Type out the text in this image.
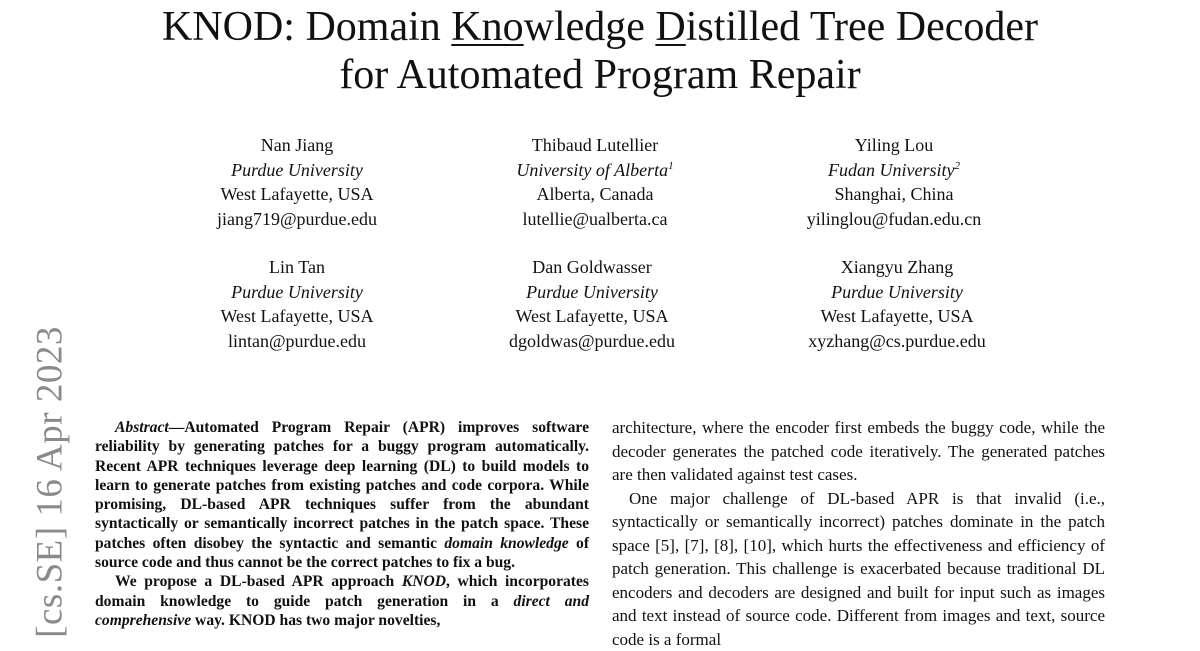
KNOD: Domain Knowledge Distilled Tree Decoder
for Automated Program Repair
Nan Jiang
Purdue University
West Lafayette, USA
jiang719@purdue.edu
Thibaud Lutellier
University of Alberta$^1$
Alberta, Canada
lutellie@ualberta.ca
Yiling Lou
Fudan University$^2$
Shanghai, China
yilinglou@fudan.edu.cn
Lin Tan
Purdue University
West Lafayette, USA
lintan@purdue.edu
Dan Goldwasser
Purdue University
West Lafayette, USA
dgoldwas@purdue.edu
Xiangyu Zhang
Purdue University
West Lafayette, USA
xyzhang@cs.purdue.edu
[cs.SE] 16 Apr 2023	Abstract—Automated Program Repair (APR) improves software reliability by generating patches for a buggy program automatically. Recent APR techniques leverage deep learning (DL) to build models to learn to generate patches from existing patches and code corpora. While promising, DL-based APR techniques suffer from the abundant syntactically or semantically incorrect patches in the patch space. These patches often disobey the syntactic and semantic domain knowledge of source code and thus cannot be the correct patches to fix a bug.

We propose a DL-based APR approach KNOD, which incorporates domain knowledge to guide patch generation in a direct and comprehensive way. KNOD has two major novelties,

architecture, where the encoder first embeds the buggy code, while the decoder generates the patched code iteratively. The generated patches are then validated against test cases.

One major challenge of DL-based APR is that invalid (i.e., syntactically or semantically incorrect) patches dominate in the patch space [5], [7], [8], [10], which hurts the effectiveness and efficiency of patch generation. This challenge is exacerbated because traditional DL encoders and decoders are designed and built for input such as images and text instead of source code. Different from images and text, source code is a formal
